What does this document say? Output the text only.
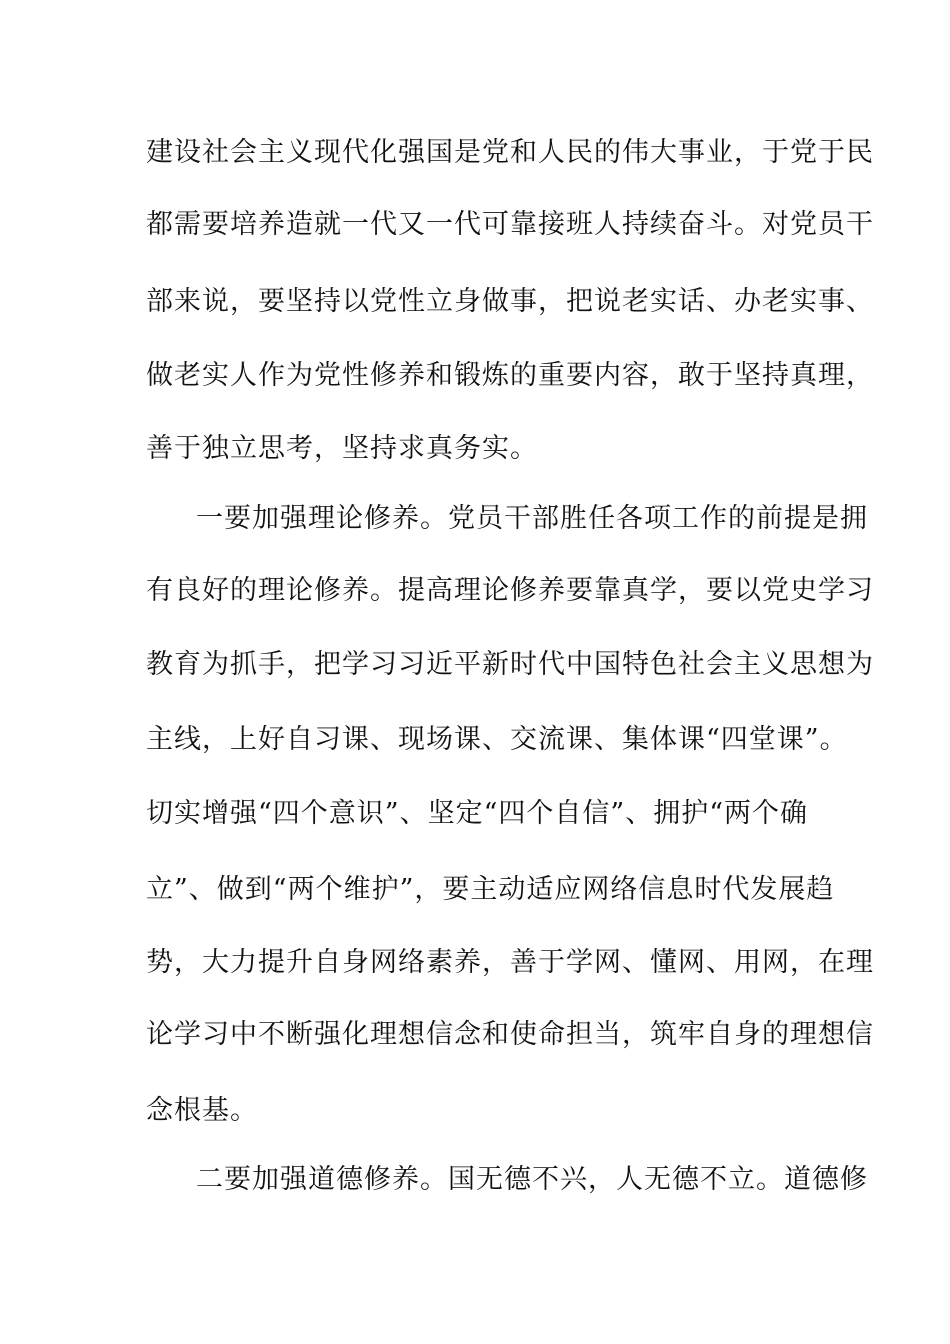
建设社会主义现代化强国是党和人民的伟大事业，于党于民
都需要培养造就一代又一代可靠接班人持续奋斗。对党员干
部来说，要坚持以党性立身做事，把说老实话、办老实事、
做老实人作为党性修养和锻炼的重要内容，敢于坚持真理，
善于独立思考，坚持求真务实。
一要加强理论修养。党员干部胜任各项工作的前提是拥
有良好的理论修养。提高理论修养要靠真学，要以党史学习
教育为抓手，把学习习近平新时代中国特色社会主义思想为
主线，上好自习课、现场课、交流课、集体课“四堂课”。
切实增强“四个意识”、坚定“四个自信”、拥护“两个确
立”、做到“两个维护”，要主动适应网络信息时代发展趋
势，大力提升自身网络素养，善于学网、懂网、用网，在理
论学习中不断强化理想信念和使命担当，筑牢自身的理想信
念根基。
二要加强道德修养。国无德不兴，人无德不立。道德修
